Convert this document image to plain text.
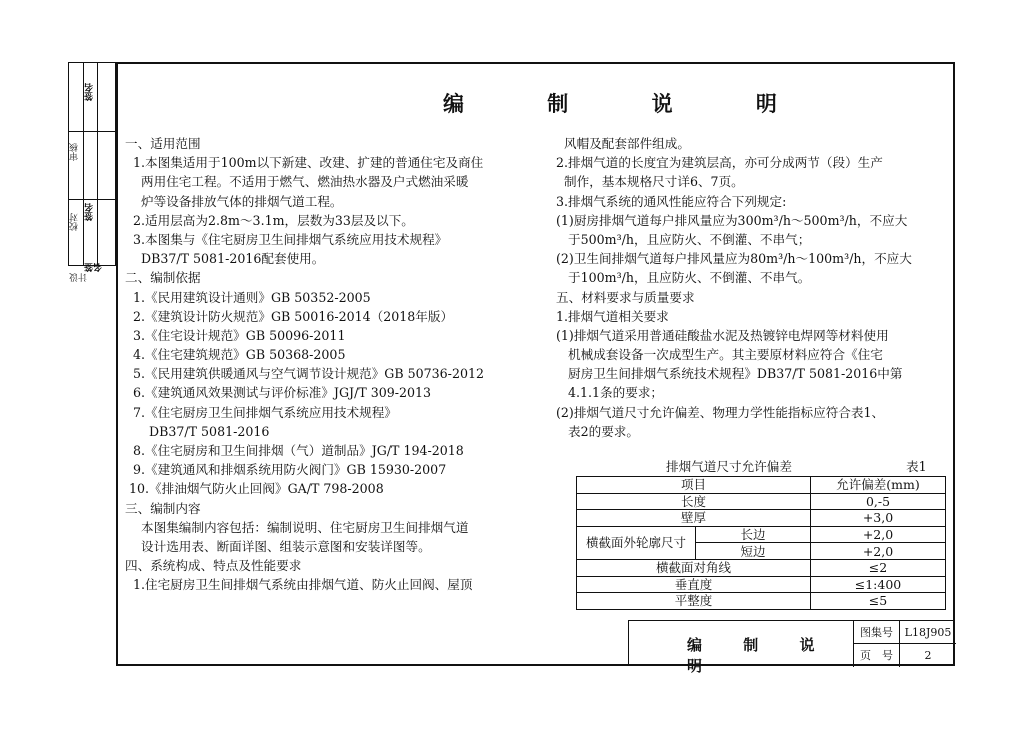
审核
校对
设计
签名
签名
签名	编 制 说 明
一、适用范围
1.本图集适用于100m以下新建、改建、扩建的普通住宅及商住
两用住宅工程。不适用于燃气、燃油热水器及户式燃油采暖
炉等设备排放气体的排烟气道工程。
2.适用层高为2.8m～3.1m，层数为33层及以下。
3.本图集与《住宅厨房卫生间排烟气系统应用技术规程》
DB37/T 5081-2016配套使用。
二、编制依据
1.《民用建筑设计通则》GB 50352-2005
2.《建筑设计防火规范》GB 50016-2014（2018年版）
3.《住宅设计规范》GB 50096-2011
4.《住宅建筑规范》GB 50368-2005
5.《民用建筑供暖通风与空气调节设计规范》GB 50736-2012
6.《建筑通风效果测试与评价标准》JGJ/T 309-2013
7.《住宅厨房卫生间排烟气系统应用技术规程》
DB37/T 5081-2016
8.《住宅厨房和卫生间排烟（气）道制品》JG/T 194-2018
9.《建筑通风和排烟系统用防火阀门》GB 15930-2007
10.《排油烟气防火止回阀》GA/T 798-2008
三、编制内容
本图集编制内容包括：编制说明、住宅厨房卫生间排烟气道
设计选用表、断面详图、组装示意图和安装详图等。
四、系统构成、特点及性能要求
1.住宅厨房卫生间排烟气系统由排烟气道、防火止回阀、屋顶
风帽及配套部件组成。
2.排烟气道的长度宜为建筑层高，亦可分成两节（段）生产
制作，基本规格尺寸详6、7页。
3.排烟气系统的通风性能应符合下列规定:
(1)厨房排烟气道每户排风量应为300m³/h～500m³/h，不应大
于500m³/h，且应防火、不倒灌、不串气；
(2)卫生间排烟气道每户排风量应为80m³/h～100m³/h，不应大
于100m³/h，且应防火、不倒灌、不串气。
五、材料要求与质量要求
1.排烟气道相关要求
(1)排烟气道采用普通硅酸盐水泥及热镀锌电焊网等材料使用
机械成套设备一次成型生产。其主要原材料应符合《住宅
厨房卫生间排烟气系统技术规程》DB37/T 5081-2016中第
4.1.1条的要求；
(2)排烟气道尺寸允许偏差、物理力学性能指标应符合表1、
表2的要求。
排烟气道尺寸允许偏差	表1
项目		允许偏差(mm)
长度		0,-5
壁厚		+3,0
横截面外轮廓尺寸	长边	+2,0
	短边	+2,0
横截面对角线		≤2
垂直度		≤1:400
平整度		≤5
编 制 说 明
图集号	L18J905
页　号	2
